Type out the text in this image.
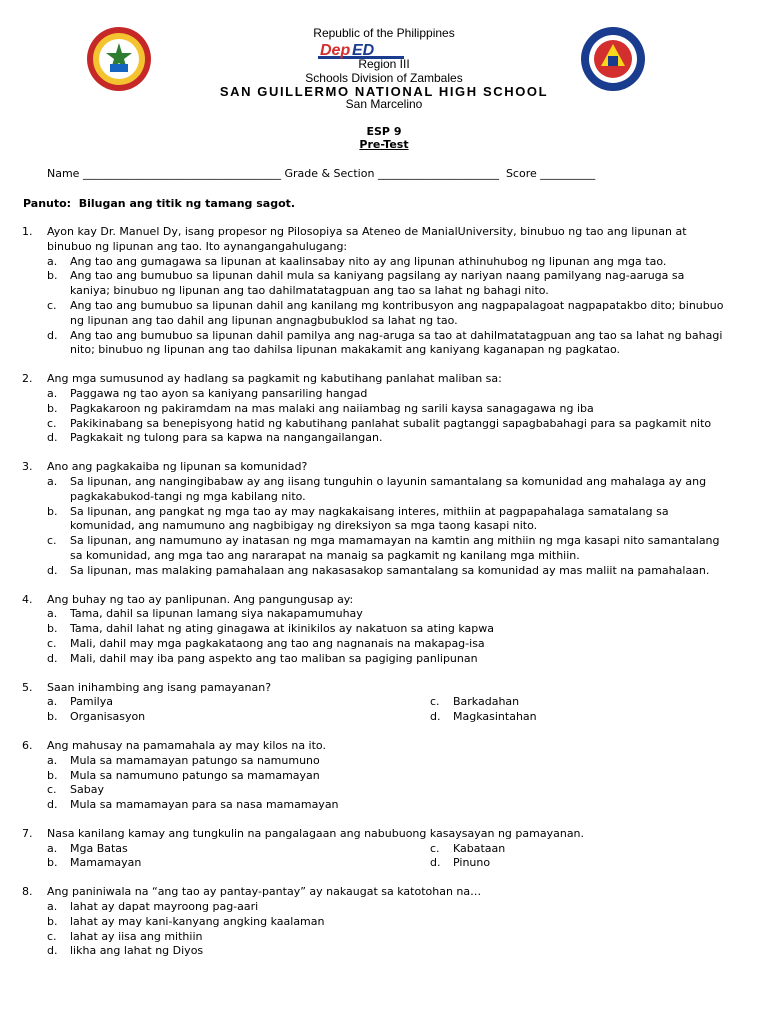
Republic of the Philippines
Dep ED
Region III
Schools Division of Zambales
SAN GUILLERMO NATIONAL HIGH SCHOOL
San Marcelino
ESP 9
Pre-Test
Name ____________________________________ Grade & Section ______________________ Score __________
Panuto:  Bilugan ang titik ng tamang sagot.
1.	Ayon kay Dr. Manuel Dy, isang propesor ng Pilosopiya sa Ateneo de ManialUniversity, binubuo ng tao ang lipunan at binubuo ng lipunan ang tao. Ito aynangangahulugang:
a.	Ang tao ang gumagawa sa lipunan at kaalinsabay nito ay ang lipunan athinuhubog ng lipunan ang mga tao.
b.	Ang tao ang bumubuo sa lipunan dahil mula sa kaniyang pagsilang ay nariyan naang pamilyang nag-aaruga sa kaniya; binubuo ng lipunan ang tao dahilmatatagpuan ang tao sa lahat ng bahagi nito.
c.	Ang tao ang bumubuo sa lipunan dahil ang kanilang mg kontribusyon ang nagpapalagoat nagpapatakbo dito; binubuo ng lipunan ang tao dahil ang lipunan angnagbubuklod sa lahat ng tao.
d.	Ang tao ang bumubuo sa lipunan dahil pamilya ang nag-aruga sa tao at dahilmatatagpuan ang tao sa lahat ng bahagi nito; binubuo ng lipunan ang tao dahilsa lipunan makakamit ang kaniyang kaganapan ng pagkatao.
2.	Ang mga sumusunod ay hadlang sa pagkamit ng kabutihang panlahat maliban sa:
a.	Paggawa ng tao ayon sa kaniyang pansariling hangad
b.	Pagkakaroon ng pakiramdam na mas malaki ang naiiambag ng sarili kaysa sanagagawa ng iba
c.	Pakikinabang sa benepisyong hatid ng kabutihang panlahat subalit pagtanggi sapagbabahagi para sa pagkamit nito
d.	Pagkakait ng tulong para sa kapwa na nangangailangan.
3.	Ano ang pagkakaiba ng lipunan sa komunidad?
a.	Sa lipunan, ang nangingibabaw ay ang iisang tunguhin o layunin samantalang sa komunidad ang mahalaga ay ang pagkakabukod-tangi ng mga kabilang nito.
b.	Sa lipunan, ang pangkat ng mga tao ay may nagkakaisang interes, mithiin at pagpapahalaga samatalang sa komunidad, ang namumuno ang nagbibigay ng direksiyon sa mga taong kasapi nito.
c.	Sa lipunan, ang namumuno ay inatasan ng mga mamamayan na kamtin ang mithiin ng mga kasapi nito samantalang sa komunidad, ang mga tao ang nararapat na manaig sa pagkamit ng kanilang mga mithiin.
d.	Sa lipunan, mas malaking pamahalaan ang nakasasakop samantalang sa komunidad ay mas maliit na pamahalaan.
4.	Ang buhay ng tao ay panlipunan. Ang pangungusap ay:
a.	Tama, dahil sa lipunan lamang siya nakapamumuhay
b.	Tama, dahil lahat ng ating ginagawa at ikinikilos ay nakatuon sa ating kapwa
c.	Mali, dahil may mga pagkakataong ang tao ang nagnanais na makapag-isa
d.	Mali, dahil may iba pang aspekto ang tao maliban sa pagiging panlipunan
5.	Saan inihambing ang isang pamayanan?
a.	Pamilya	c.	Barkadahan
b.	Organisasyon	d.	Magkasintahan
6.	Ang mahusay na pamamahala ay may kilos na ito.
a.	Mula sa mamamayan patungo sa namumuno
b.	Mula sa namumuno patungo sa mamamayan
c.	Sabay
d.	Mula sa mamamayan para sa nasa mamamayan
7.	Nasa kanilang kamay ang tungkulin na pangalagaan ang nabubuong kasaysayan ng pamayanan.
a.	Mga Batas	c.	Kabataan
b.	Mamamayan	d.	Pinuno
8.	Ang paniniwala na “ang tao ay pantay-pantay” ay nakaugat sa katotohan na…
a.	lahat ay dapat mayroong pag-aari
b.	lahat ay may kani-kanyang angking kaalaman
c.	lahat ay iisa ang mithiin
d.	likha ang lahat ng Diyos
